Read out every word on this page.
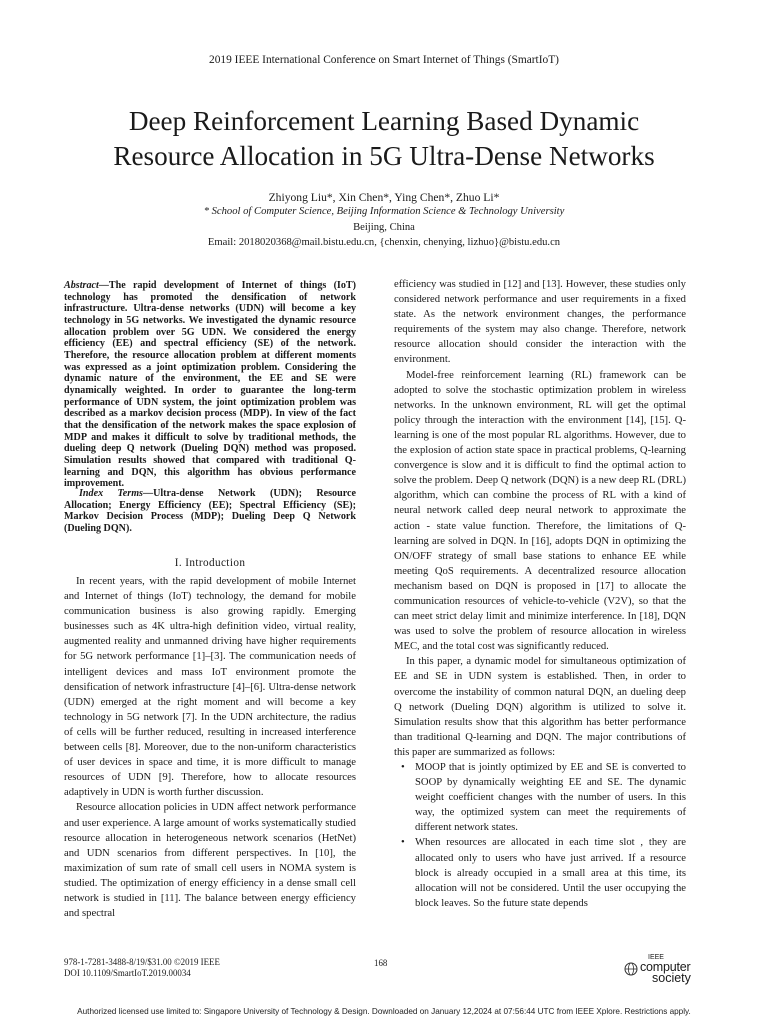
2019 IEEE International Conference on Smart Internet of Things (SmartIoT)
Deep Reinforcement Learning Based Dynamic
Resource Allocation in 5G Ultra-Dense Networks
Zhiyong Liu*, Xin Chen*, Ying Chen*, Zhuo Li*
* School of Computer Science, Beijing Information Science & Technology University
Beijing, China
Email: 2018020368@mail.bistu.edu.cn, {chenxin, chenying, lizhuo}@bistu.edu.cn
Abstract—The rapid development of Internet of things (IoT) technology has promoted the densification of network infrastructure. Ultra-dense networks (UDN) will become a key technology in 5G networks. We investigated the dynamic resource allocation problem over 5G UDN. We considered the energy efficiency (EE) and spectral efficiency (SE) of the network. Therefore, the resource allocation problem at different moments was expressed as a joint optimization problem. Considering the dynamic nature of the environment, the EE and SE were dynamically weighted. In order to guarantee the long-term performance of UDN system, the joint optimization problem was described as a markov decision process (MDP). In view of the fact that the densification of the network makes the space explosion of MDP and makes it difficult to solve by traditional methods, the dueling deep Q network (Dueling DQN) method was proposed. Simulation results showed that compared with traditional Q-learning and DQN, this algorithm has obvious performance improvement.
Index Terms—Ultra-dense Network (UDN); Resource Allocation; Energy Efficiency (EE); Spectral Efficiency (SE); Markov Decision Process (MDP); Dueling Deep Q Network (Dueling DQN).
I. Introduction

In recent years, with the rapid development of mobile Internet and Internet of things (IoT) technology, the demand for mobile communication business is also growing rapidly. Emerging businesses such as 4K ultra-high definition video, virtual reality, augmented reality and unmanned driving have higher requirements for 5G network performance [1]–[3]. The communication needs of intelligent devices and mass IoT environment promote the densification of network infrastructure [4]–[6]. Ultra-dense network (UDN) emerged at the right moment and will become a key technology in 5G network [7]. In the UDN architecture, the radius of cells will be further reduced, resulting in increased interference between cells [8]. Moreover, due to the non-uniform characteristics of user devices in space and time, it is more difficult to manage resources of UDN [9]. Therefore, how to allocate resources adaptively in UDN is worth further discussion.

Resource allocation policies in UDN affect network performance and user experience. A large amount of works systematically studied resource allocation in heterogeneous network scenarios (HetNet) and UDN scenarios from different perspectives. In [10], the maximization of sum rate of small cell users in NOMA system is studied. The optimization of energy efficiency in a dense small cell network is studied in [11]. The balance between energy efficiency and spectral

efficiency was studied in [12] and [13]. However, these studies only considered network performance and user requirements in a fixed state. As the network environment changes, the performance requirements of the system may also change. Therefore, network resource allocation should consider the interaction with the environment.

Model-free reinforcement learning (RL) framework can be adopted to solve the stochastic optimization problem in wireless networks. In the unknown environment, RL will get the optimal policy through the interaction with the environment [14], [15]. Q-learning is one of the most popular RL algorithms. However, due to the explosion of action state space in practical problems, Q-learning convergence is slow and it is difficult to find the optimal action to solve the problem. Deep Q network (DQN) is a new deep RL (DRL) algorithm, which can combine the process of RL with a kind of neural network called deep neural network to approximate the action - state value function. Therefore, the limitations of Q-learning are solved in DQN. In [16], adopts DQN in optimizing the ON/OFF strategy of small base stations to enhance EE while meeting QoS requirements. A decentralized resource allocation mechanism based on DQN is proposed in [17] to allocate the communication resources of vehicle-to-vehicle (V2V), so that the can meet strict delay limit and minimize interference. In [18], DQN was used to solve the problem of resource allocation in wireless MEC, and the total cost was significantly reduced.

In this paper, a dynamic model for simultaneous optimization of EE and SE in UDN system is established. Then, in order to overcome the instability of common natural DQN, an dueling deep Q network (Dueling DQN) algorithm is utilized to solve it. Simulation results show that this algorithm has better performance than traditional Q-learning and DQN. The major contributions of this paper are summarized as follows:

• MOOP that is jointly optimized by EE and SE is converted to SOOP by dynamically weighting EE and SE. The dynamic weight coefficient changes with the number of users. In this way, the optimized system can meet the requirements of different network states.
• When resources are allocated in each time slot , they are allocated only to users who have just arrived. If a resource block is already occupied in a small area at this time, its allocation will not be considered. Until the user occupying the block leaves. So the future state depends
978-1-7281-3488-8/19/$31.00 ©2019 IEEE
DOI 10.1109/SmartIoT.2019.00034
168
IEEE
computer
society
Authorized licensed use limited to: Singapore University of Technology & Design. Downloaded on January 12,2024 at 07:56:44 UTC from IEEE Xplore. Restrictions apply.
